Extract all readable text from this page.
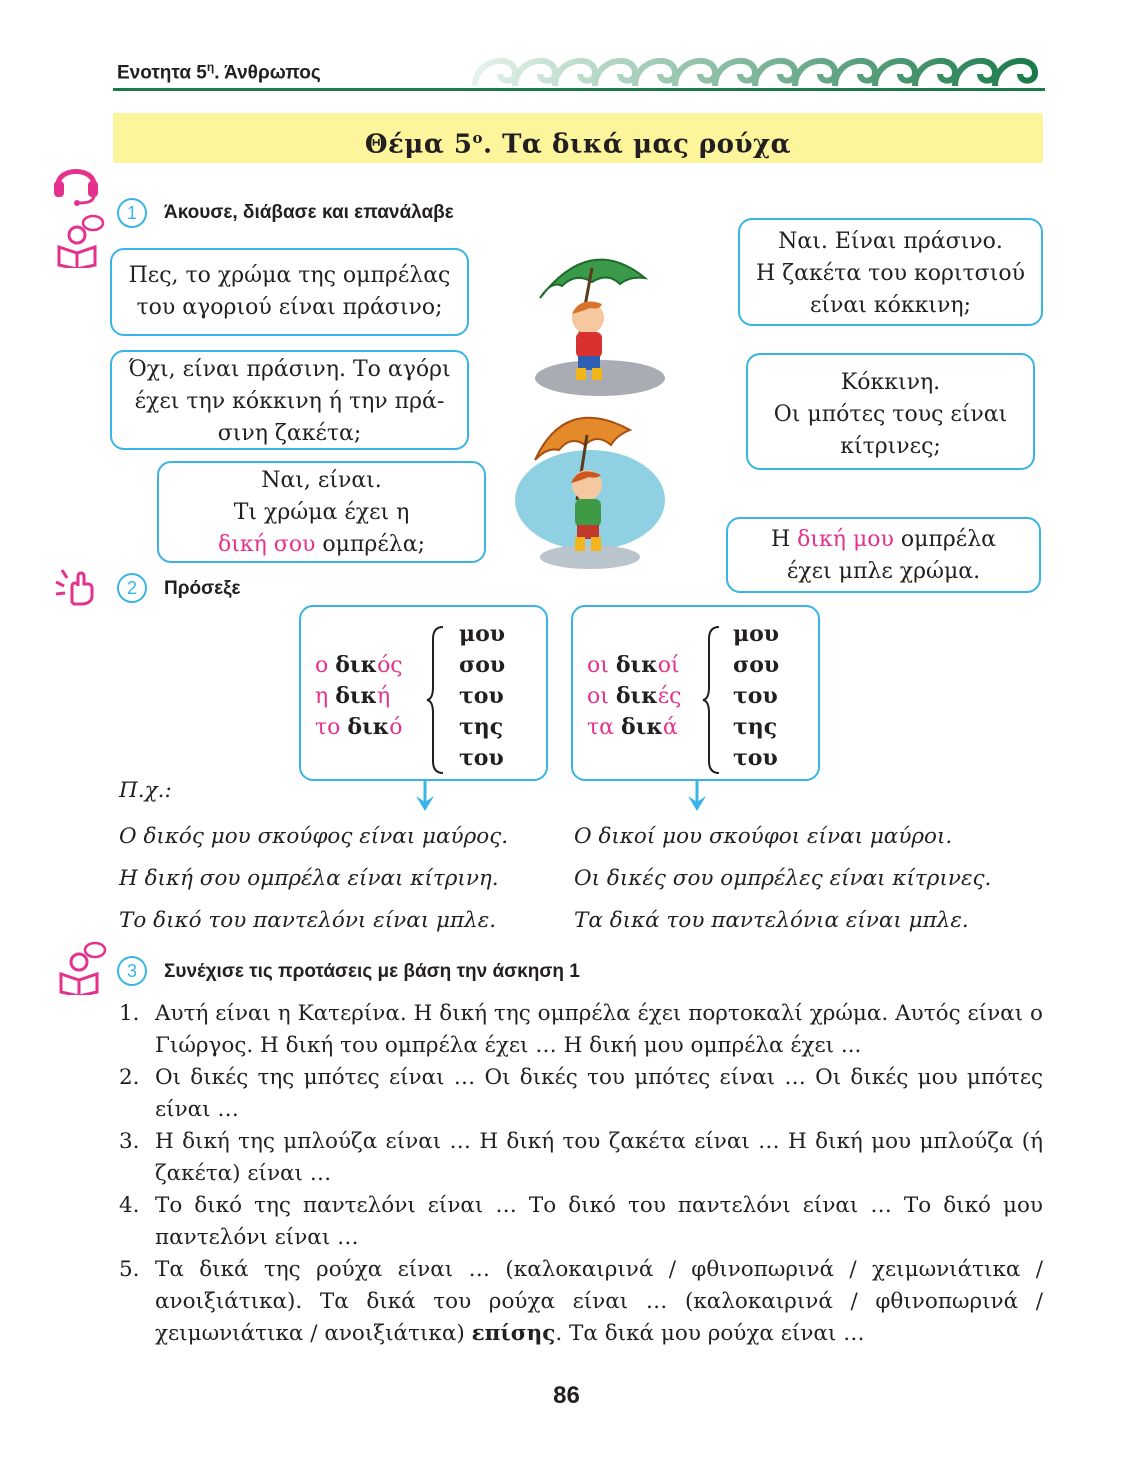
Ενοτητα $5^\eta$. Άνθρωπος
Θέμα $5^o$. Τα δικά μας ρούχα
1	Άκουσε, διάβασε και επανάλαβε
Πες, το χρώμα της ομπρέλας
του αγοριού είναι πράσινο;
Όχι, είναι πράσινη. Το αγόρι
έχει την κόκκινη ή την πρά-
σινη ζακέτα;
Ναι, είναι.
Τι χρώμα έχει η
δική σου ομπρέλα;
Ναι. Είναι πράσινο.
Η ζακέτα του κοριτσιού
είναι κόκκινη;
Κόκκινη.
Οι μπότες τους είναι
κίτρινες;
Η δική μου ομπρέλα
έχει μπλε χρώμα.
2	Πρόσεξε
ο δικός
η δική
το δικό
μου
σου
του
της
του
οι δικοί
οι δικές
τα δικά
μου
σου
του
της
του
Π.χ.:
Ο δικός μου σκούφος είναι μαύρος.
Η δική σου ομπρέλα είναι κίτρινη.
Το δικό του παντελόνι είναι μπλε.
Ο δικοί μου σκούφοι είναι μαύροι.
Οι δικές σου ομπρέλες είναι κίτρινες.
Τα δικά του παντελόνια είναι μπλε.
3	Συνέχισε τις προτάσεις με βάση την άσκηση 1
1. Αυτή είναι η Κατερίνα. Η δική της ομπρέλα έχει πορτοκαλί χρώμα. Αυτός είναι ο Γιώργος. Η δική του ομπρέλα έχει … Η δική μου ομπρέλα έχει ...
2. Οι δικές της μπότες είναι … Οι δικές του μπότες είναι … Οι δικές μου μπότες είναι …
3. Η δική της μπλούζα είναι … Η δική του ζακέτα είναι … Η δική μου μπλούζα (ή ζακέτα) είναι …
4. Το δικό της παντελόνι είναι … Το δικό του παντελόνι είναι … Το δικό μου παντελόνι είναι …
5. Τα δικά της ρούχα είναι … (καλοκαιρινά / φθινοπωρινά / χειμωνιάτικα / ανοιξιάτικα). Τα δικά του ρούχα είναι … (καλοκαιρινά / φθινοπωρινά / χειμωνιάτικα / ανοιξιάτικα) επίσης. Τα δικά μου ρούχα είναι …
86
